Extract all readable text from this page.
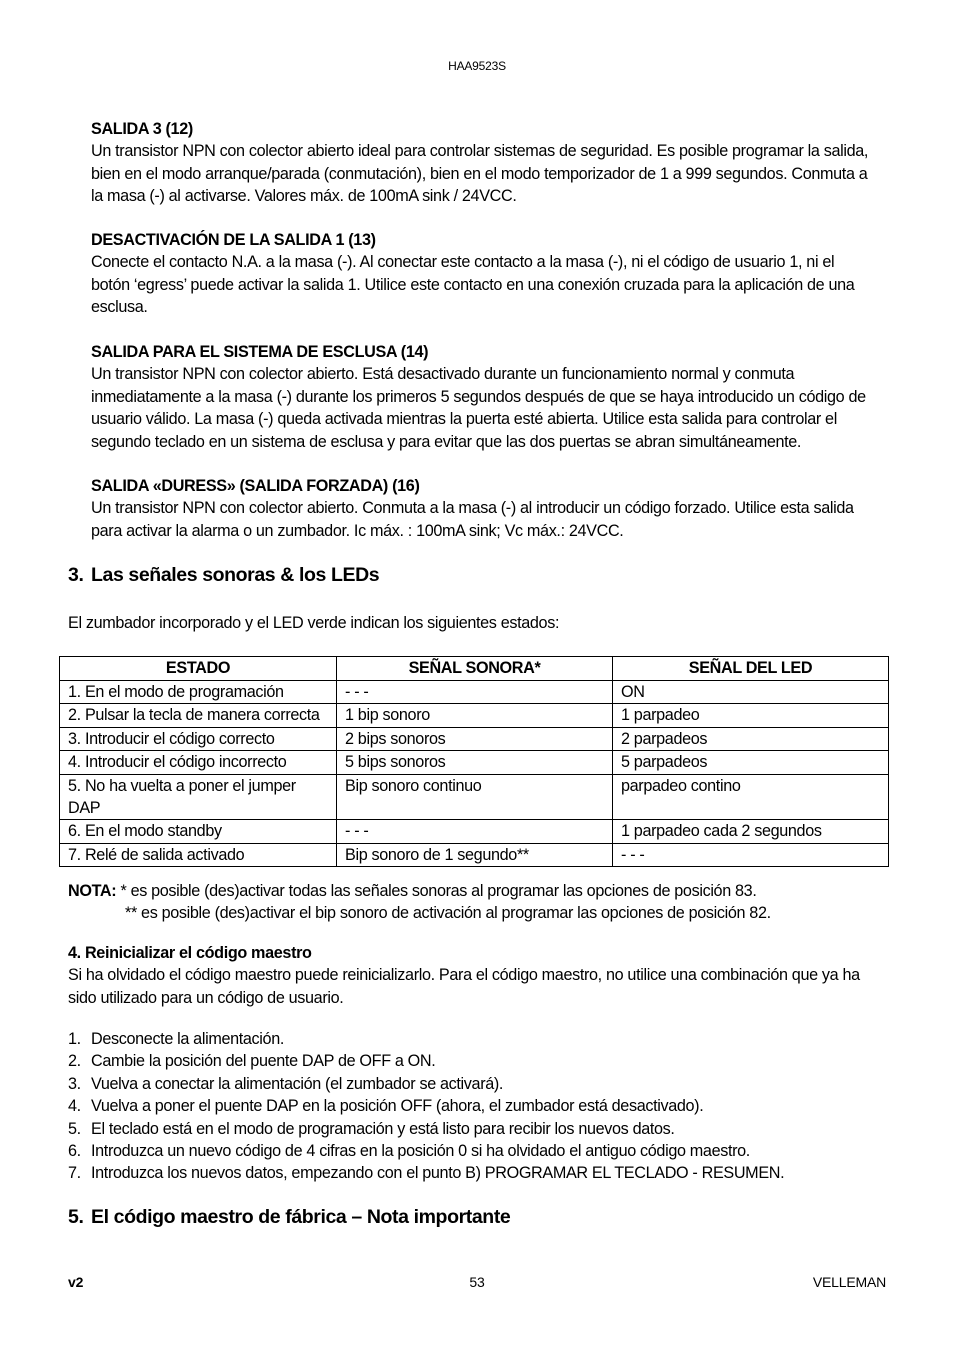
HAA9523S
SALIDA 3 (12)
Un transistor NPN con colector abierto ideal para controlar sistemas de seguridad. Es posible programar la salida,
bien en el modo arranque/parada (conmutación), bien en el modo temporizador de 1 a 999 segundos. Conmuta a
la masa (-) al activarse. Valores máx. de 100mA sink / 24VCC.
DESACTIVACIÓN DE LA SALIDA 1 (13)
Conecte el contacto N.A. a la masa (-). Al conectar este contacto a la masa (-), ni el código de usuario 1, ni el
botón ‘egress’ puede activar la salida 1. Utilice este contacto en una conexión cruzada para la aplicación de una
esclusa.
SALIDA PARA EL SISTEMA DE ESCLUSA (14)
Un transistor NPN con colector abierto. Está desactivado durante un funcionamiento normal y conmuta
inmediatamente a la masa (-) durante los primeros 5 segundos después de que se haya introducido un código de
usuario válido. La masa (-) queda activada mientras la puerta esté abierta. Utilice esta salida para controlar el
segundo teclado en un sistema de esclusa y para evitar que las dos puertas se abran simultáneamente.
SALIDA «DURESS» (SALIDA FORZADA) (16)
Un transistor NPN con colector abierto. Conmuta a la masa (-) al introducir un código forzado. Utilice esta salida
para activar la alarma o un zumbador. Ic máx. : 100mA sink; Vc máx.: 24VCC.
3. Las señales sonoras & los LEDs
El zumbador incorporado y el LED verde indican los siguientes estados:
ESTADO	SEÑAL SONORA*	SEÑAL DEL LED
1. En el modo de programación	- - -	ON
2. Pulsar la tecla de manera correcta	1 bip sonoro	1 parpadeo
3. Introducir el código correcto	2 bips sonoros	2 parpadeos
4. Introducir el código incorrecto	5 bips sonoros	5 parpadeos

5. No ha vuelta a poner el jumper
DAP	Bip sonoro continuo	parpadeo contino
6. En el modo standby	- - -	1 parpadeo cada 2 segundos
7. Relé de salida activado	Bip sonoro de 1 segundo**	- - -
NOTA: * es posible (des)activar todas las señales sonoras al programar las opciones de posición 83.
** es posible (des)activar el bip sonoro de activación al programar las opciones de posición 82.
4. Reinicializar el código maestro
Si ha olvidado el código maestro puede reinicializarlo. Para el código maestro, no utilice una combinación que ya ha
sido utilizado para un código de usuario.
1. Desconecte la alimentación.
2. Cambie la posición del puente DAP de OFF a ON.
3. Vuelva a conectar la alimentación (el zumbador se activará).
4. Vuelva a poner el puente DAP en la posición OFF (ahora, el zumbador está desactivado).
5. El teclado está en el modo de programación y está listo para recibir los nuevos datos.
6. Introduzca un nuevo código de 4 cifras en la posición 0 si ha olvidado el antiguo código maestro.
7. Introduzca los nuevos datos, empezando con el punto B) PROGRAMAR EL TECLADO - RESUMEN.
5. El código maestro de fábrica – Nota importante
v2	53	VELLEMAN
